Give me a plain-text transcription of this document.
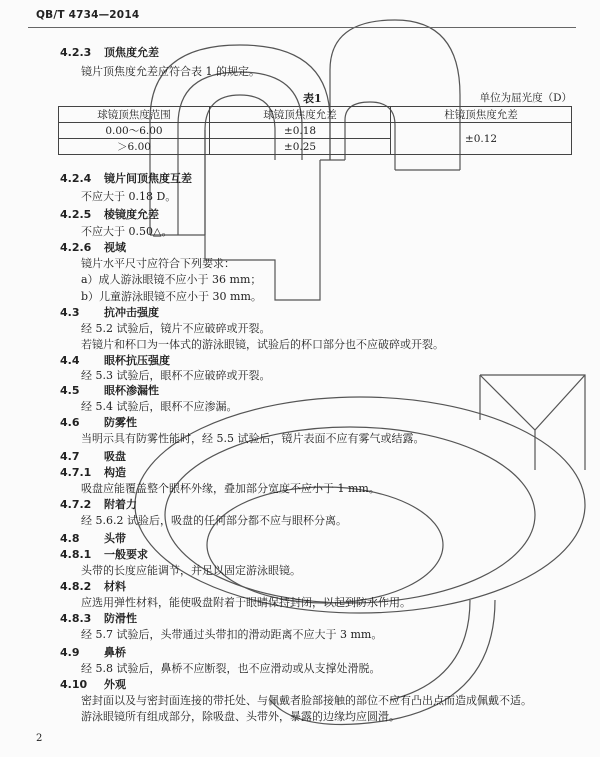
QB/T 4734—2014
4.2.3 顶焦度允差
镜片顶焦度允差应符合表 1 的规定。
表1	单位为屈光度（D）
球镜顶焦度范围	球镜顶焦度允差	柱镜顶焦度允差
0.00～6.00	±0.18	±0.12
＞6.00	±0.25	
4.2.4 镜片间顶焦度互差
不应大于 0.18 D。
4.2.5 棱镜度允差
不应大于 0.50△。
4.2.6 视域
镜片水平尺寸应符合下列要求：
a）成人游泳眼镜不应小于 36 mm；
b）儿童游泳眼镜不应小于 30 mm。
4.3 抗冲击强度
经 5.2 试验后，镜片不应破碎或开裂。
若镜片和杯口为一体式的游泳眼镜，试验后的杯口部分也不应破碎或开裂。
4.4 眼杯抗压强度
经 5.3 试验后，眼杯不应破碎或开裂。
4.5 眼杯渗漏性
经 5.4 试验后，眼杯不应渗漏。
4.6 防雾性
当明示具有防雾性能时，经 5.5 试验后，镜片表面不应有雾气或结露。
4.7 吸盘
4.7.1 构造
吸盘应能覆盖整个眼杯外缘，叠加部分宽度不应小于 1 mm。
4.7.2 附着力
经 5.6.2 试验后，吸盘的任何部分都不应与眼杯分离。
4.8 头带
4.8.1 一般要求
头带的长度应能调节，并足以固定游泳眼镜。
4.8.2 材料
应选用弹性材料，能使吸盘附着于眼睛保持封闭，以起到防水作用。
4.8.3 防滑性
经 5.7 试验后，头带通过头带扣的滑动距离不应大于 3 mm。
4.9 鼻桥
经 5.8 试验后，鼻桥不应断裂，也不应滑动或从支撑处滑脱。
4.10 外观
密封面以及与密封面连接的带托处、与佩戴者脸部接触的部位不应有凸出点而造成佩戴不适。
游泳眼镜所有组成部分，除吸盘、头带外，暴露的边缘均应圆滑。
2
